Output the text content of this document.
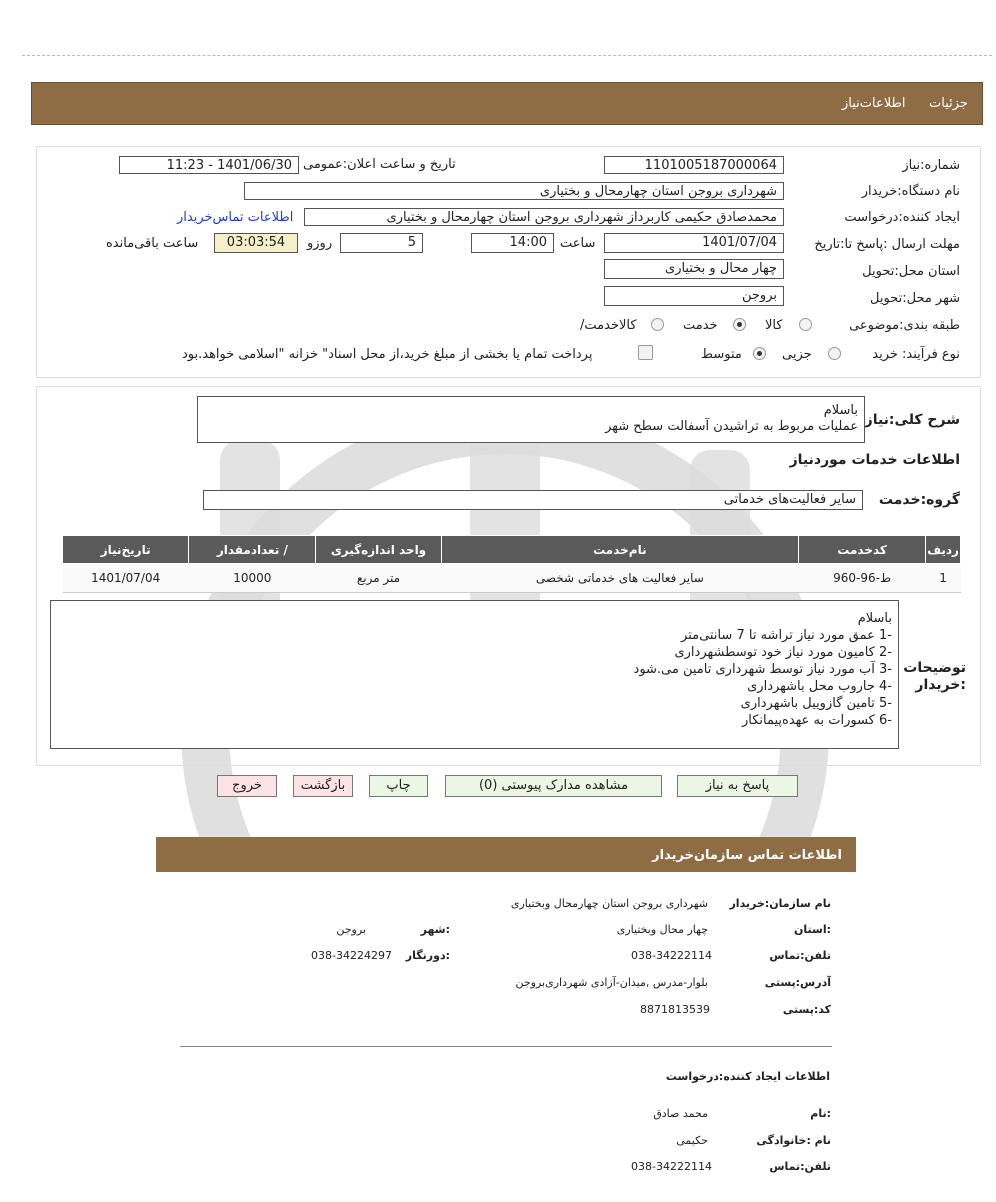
جزئیات
اطلاعات‌نیاز
شماره:نیاز
1101005187000064
تاریخ و ساعت اعلان:عمومی
1401/06/30 - 11:23
نام دستگاه:خریدار
شهرداری بروجن استان چهارمحال و بختیاری
ایجاد کننده:درخواست
محمدصادق حکیمی کاربرداز شهرداری بروجن استان چهارمحال و بختیاری
اطلاعات تماس‌خریدار
مهلت ارسال :پاسخ تا:تاریخ
1401/07/04
ساعت
14:00
5
روزو
03:03:54
ساعت باقی‌مانده
استان محل:تحویل
چهار محال و بختیاری
شهر محل:تحویل
بروجن
طبقه بندی:موضوعی
کالا
خدمت
/کالاخدمت
نوع فرآیند: خرید
جزیی
متوسط
پرداخت تمام یا بخشی از مبلغ خرید،از محل اسناد" خزانه "اسلامی خواهد.بود
شرح کلی:نیاز
باسلام
عملیات مربوط به تراشیدن آسفالت سطح شهر
اطلاعات خدمات موردنیاز
گروه:خدمت
سایر فعالیت‌های خدماتی
ردیف	کدخدمت	نام‌خدمت	واحد اندازه‌گیری	/ تعدادمقدار	تاریخ‌نیاز
1	ط-96-960	سایر فعالیت های خدماتی شخصی	متر مربع	10000	1401/07/04
توضیحات
:خریدار
باسلام
-1 عمق مورد نیاز تراشه تا 7 سانتی‌متر
-2 کامیون مورد نیاز خود توسطشهرداری
-3 آب مورد نیاز توسط شهرداری تامین می.شود
-4 جاروب محل باشهرداری
-5 تامین گازوییل باشهرداری
-6 کسورات به عهده‌پیمانکار
پاسخ به نیاز
مشاهده مدارک پیوستی (0)
چاپ
بازگشت
خروج
اطلاعات تماس سازمان‌خریدار
نام سازمان:خریدار
شهرداری بروجن استان چهارمحال وبختیاری
:استان
چهار محال وبختیاری
:شهر
بروجن
تلفن:تماس
038-34222114
:دورنگار
038-34224297
آدرس:پستی
بلوار-مدرس ,میدان-آزادی شهرداری‌بروجن
کد:پستی
8871813539
اطلاعات ایجاد کننده:درخواست
:نام
محمد صادق
نام :خانوادگی
حکیمی
تلفن:تماس
038-34222114
